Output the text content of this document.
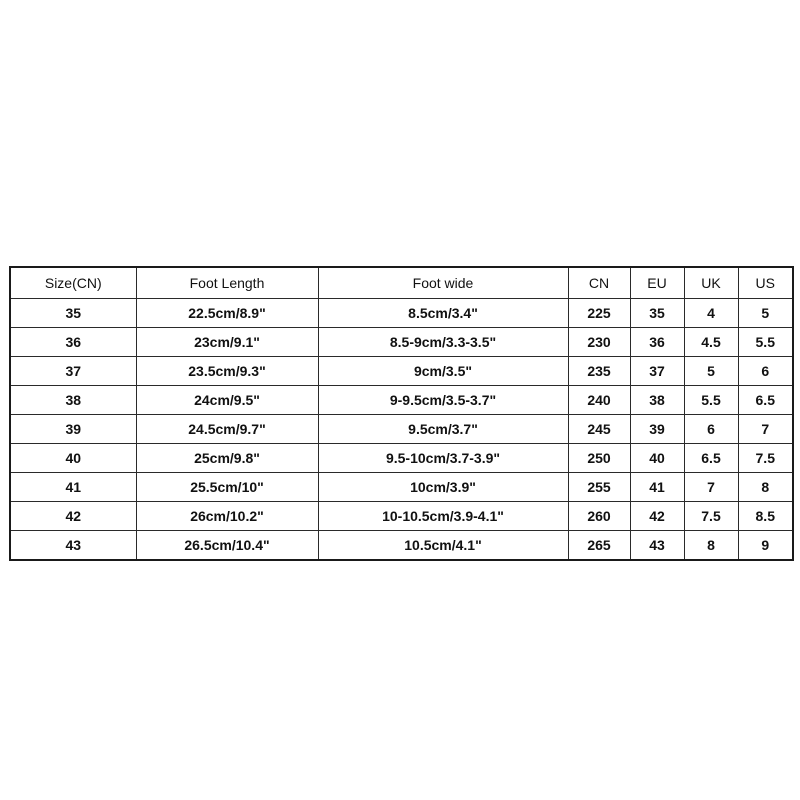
Size(CN)	Foot Length	Foot wide	CN	EU	UK	US
35	22.5cm/8.9"	8.5cm/3.4"	225	35	4	5
36	23cm/9.1"	8.5-9cm/3.3-3.5"	230	36	4.5	5.5
37	23.5cm/9.3"	9cm/3.5"	235	37	5	6
38	24cm/9.5"	9-9.5cm/3.5-3.7"	240	38	5.5	6.5
39	24.5cm/9.7"	9.5cm/3.7"	245	39	6	7
40	25cm/9.8"	9.5-10cm/3.7-3.9"	250	40	6.5	7.5
41	25.5cm/10"	10cm/3.9"	255	41	7	8
42	26cm/10.2"	10-10.5cm/3.9-4.1"	260	42	7.5	8.5
43	26.5cm/10.4"	10.5cm/4.1"	265	43	8	9
